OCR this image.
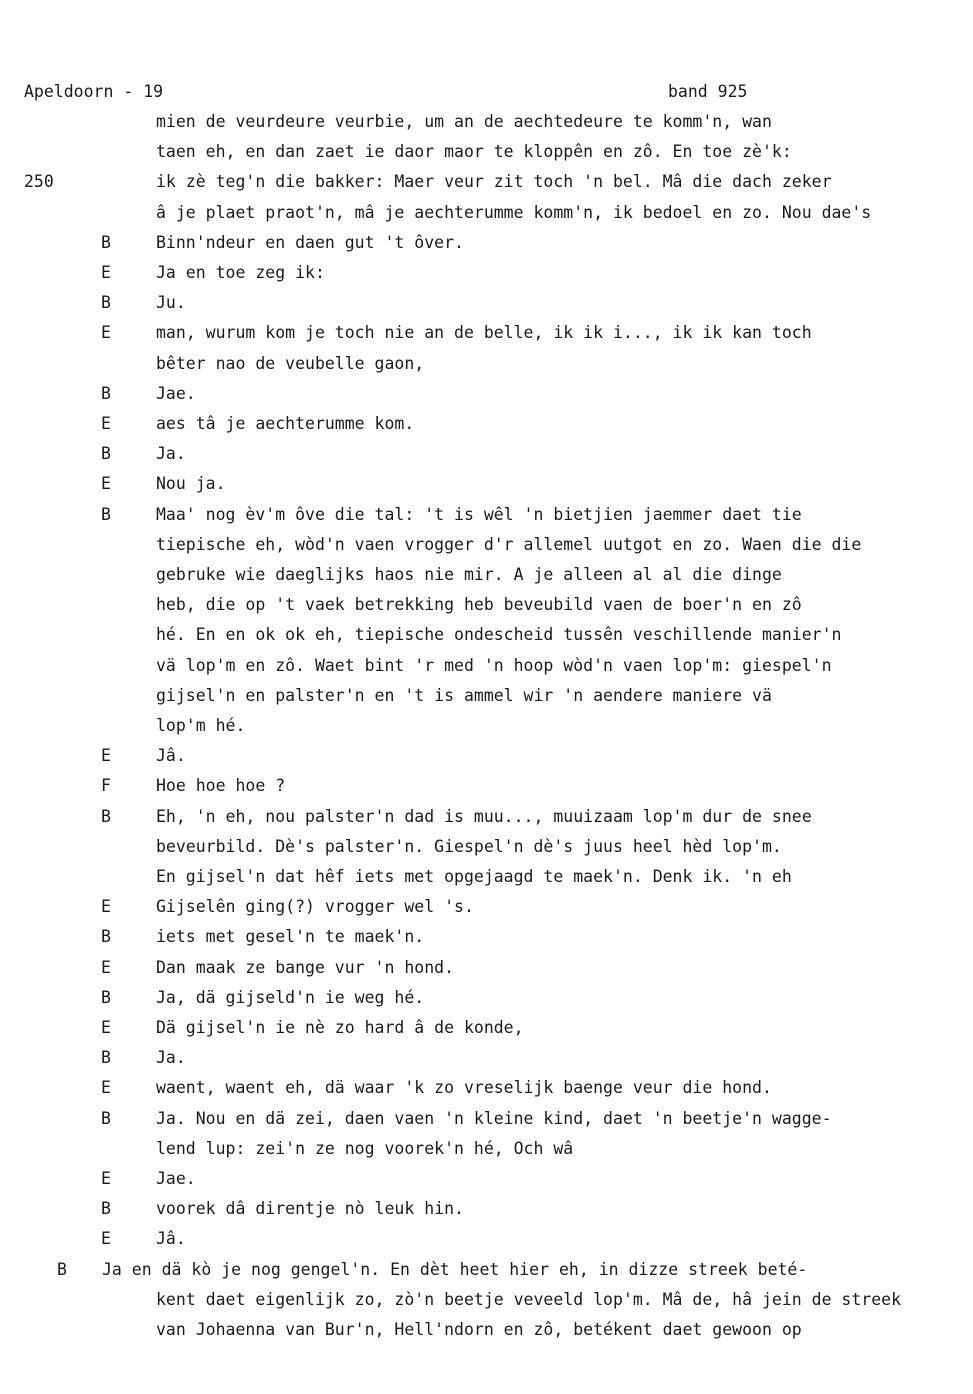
Apeldoorn - 19	band 925
mien de veurdeure veurbie, um an de aechtedeure te komm'n, wan
taen eh, en dan zaet ie daor maor te kloppên en zô. En toe zè'k:
250	ik zè teg'n die bakker: Maer veur zit toch 'n bel. Mâ die dach zeker
â je plaet praot'n, mâ je aechterumme komm'n, ik bedoel en zo. Nou dae's
B	Binn'ndeur en daen gut 't ôver.
E	Ja en toe zeg ik:
B	Ju.
E	man, wurum kom je toch nie an de belle, ik ik i..., ik ik kan toch
bêter nao de veubelle gaon,
B	Jae.
E	aes tâ je aechterumme kom.
B	Ja.
E	Nou ja.
B	Maa' nog èv'm ôve die tal: 't is wêl 'n bietjien jaemmer daet tie
tiepische eh, wòd'n vaen vrogger d'r allemel uutgot en zo. Waen die die
gebruke wie daeglijks haos nie mir. A je alleen al al die dinge
heb, die op 't vaek betrekking heb beveubild vaen de boer'n en zô
hé. En en ok ok eh, tiepische ondescheid tussên veschillende manier'n
vä lop'm en zô. Waet bint 'r med 'n hoop wòd'n vaen lop'm: giespel'n
gijsel'n en palster'n en 't is ammel wir 'n aendere maniere vä
lop'm hé.
E	Jâ.
F	Hoe hoe hoe ?
B	Eh, 'n eh, nou palster'n dad is muu..., muuizaam lop'm dur de snee
beveurbild. Dè's palster'n. Giespel'n dè's juus heel hèd lop'm.
En gijsel'n dat hêf iets met opgejaagd te maek'n. Denk ik. 'n eh
E	Gijselên ging(?) vrogger wel 's.
B	iets met gesel'n te maek'n.
E	Dan maak ze bange vur 'n hond.
B	Ja, dä gijseld'n ie weg hé.
E	Dä gijsel'n ie nè zo hard â de konde,
B	Ja.
E	waent, waent eh, dä waar 'k zo vreselijk baenge veur die hond.
B	Ja. Nou en dä zei, daen vaen 'n kleine kind, daet 'n beetje'n wagge-
lend lup: zei'n ze nog voorek'n hé, Och wâ
E	Jae.
B	voorek dâ direntje nò leuk hin.
E	Jâ.
B Ja en dä kò je nog gengel'n. En dèt heet hier eh, in dizze streek beté-
kent daet eigenlijk zo, zò'n beetje veveeld lop'm. Mâ de, hâ jein de streek
van Johaenna van Bur'n, Hell'ndorn en zô, betékent daet gewoon op
